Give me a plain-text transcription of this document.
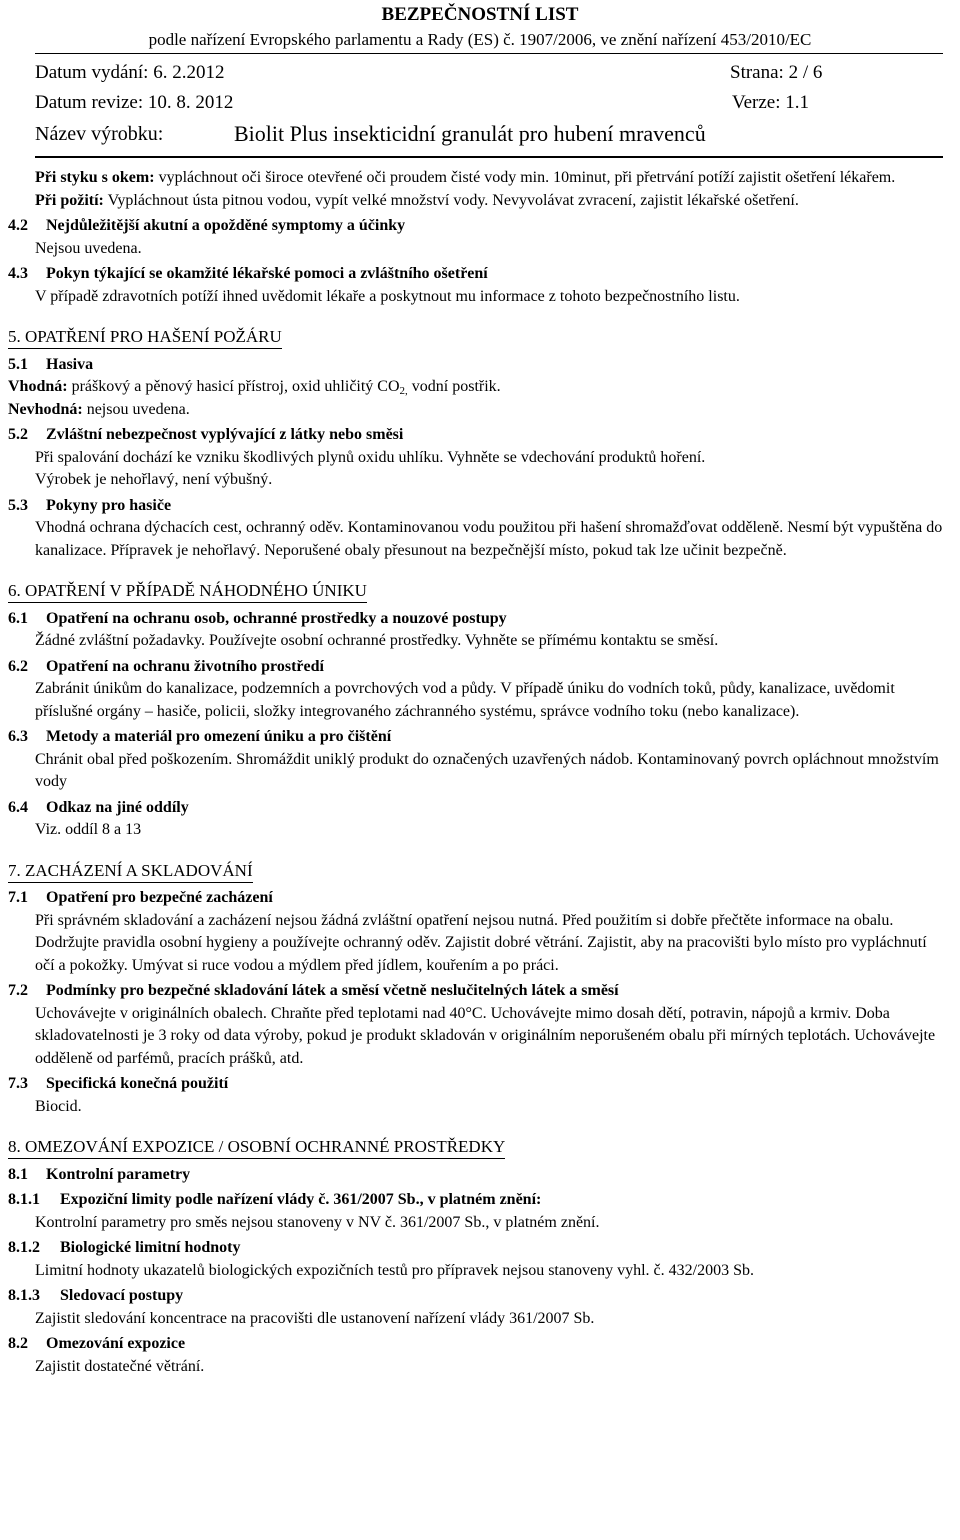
BEZPEČNOSTNÍ LIST
podle nařízení Evropského parlamentu a Rady (ES) č. 1907/2006, ve znění nařízení 453/2010/EC
Datum vydání: 6. 2.2012	Strana: 2 / 6
Datum revize: 10. 8. 2012	Verze: 1.1
Název výrobku:	Biolit Plus insekticidní granulát pro hubení mravenců

Při styku s okem: vypláchnout oči široce otevřené oči proudem čisté vody min. 10minut, při přetrvání potíží zajistit ošetření lékařem.

Při požití: Vypláchnout ústa pitnou vodou, vypít velké množství vody. Nevyvolávat zvracení, zajistit lékařské ošetření.

4.2 Nejdůležitější akutní a opožděné symptomy a účinky

Nejsou uvedena.

4.3 Pokyn týkající se okamžité lékařské pomoci a zvláštního ošetření

V případě zdravotních potíží ihned uvědomit lékaře a poskytnout mu informace z tohoto bezpečnostního listu.

5. OPATŘENÍ PRO HAŠENÍ POŽÁRU

5.1 Hasiva

Vhodná: práškový a pěnový hasicí přístroj, oxid uhličitý $CO_{2,}$ vodní postřik.

Nevhodná: nejsou uvedena.

5.2 Zvláštní nebezpečnost vyplývající z látky nebo směsi

Při spalování dochází ke vzniku škodlivých plynů oxidu uhlíku. Vyhněte se vdechování produktů hoření.

Výrobek je nehořlavý, není výbušný.

5.3 Pokyny pro hasiče

Vhodná ochrana dýchacích cest, ochranný oděv. Kontaminovanou vodu použitou při hašení shromažďovat odděleně. Nesmí být vypuštěna do kanalizace. Přípravek je nehořlavý. Neporušené obaly přesunout na bezpečnější místo, pokud tak lze učinit bezpečně.

6. OPATŘENÍ V PŘÍPADĚ NÁHODNÉHO ÚNIKU

6.1 Opatření na ochranu osob, ochranné prostředky a nouzové postupy

Žádné zvláštní požadavky. Používejte osobní ochranné prostředky. Vyhněte se přímému kontaktu se směsí.

6.2 Opatření na ochranu životního prostředí

Zabránit únikům do kanalizace, podzemních a povrchových vod a půdy. V případě úniku do vodních toků, půdy, kanalizace, uvědomit příslušné orgány – hasiče, policii, složky integrovaného záchranného systému, správce vodního toku (nebo kanalizace).

6.3 Metody a materiál pro omezení úniku a pro čištění

Chránit obal před poškozením. Shromáždit uniklý produkt do označených uzavřených nádob. Kontaminovaný povrch opláchnout množstvím vody

6.4 Odkaz na jiné oddíly

Viz. oddíl 8 a 13

7. ZACHÁZENÍ A SKLADOVÁNÍ

7.1 Opatření pro bezpečné zacházení

Při správném skladování a zacházení nejsou žádná zvláštní opatření nejsou nutná. Před použitím si dobře přečtěte informace na obalu. Dodržujte pravidla osobní hygieny a používejte ochranný oděv. Zajistit dobré větrání. Zajistit, aby na pracovišti bylo místo pro vypláchnutí očí a pokožky. Umývat si ruce vodou a mýdlem před jídlem, kouřením a po práci.

7.2 Podmínky pro bezpečné skladování látek a směsí včetně neslučitelných látek a směsí

Uchovávejte v originálních obalech. Chraňte před teplotami nad 40°C. Uchovávejte mimo dosah dětí, potravin, nápojů a krmiv. Doba skladovatelnosti je 3 roky od data výroby, pokud je produkt skladován v originálním neporušeném obalu při mírných teplotách. Uchovávejte odděleně od parfémů, pracích prášků, atd.

7.3 Specifická konečná použití

Biocid.

8. OMEZOVÁNÍ EXPOZICE / OSOBNÍ OCHRANNÉ PROSTŘEDKY

8.1 Kontrolní parametry

8.1.1 Expoziční limity podle nařízení vlády č. 361/2007 Sb., v platném znění:

Kontrolní parametry pro směs nejsou stanoveny v NV č. 361/2007 Sb., v platném znění.

8.1.2 Biologické limitní hodnoty

Limitní hodnoty ukazatelů biologických expozičních testů pro přípravek nejsou stanoveny vyhl. č. 432/2003 Sb.

8.1.3 Sledovací postupy

Zajistit sledování koncentrace na pracovišti dle ustanovení nařízení vlády 361/2007 Sb.

8.2 Omezování expozice

Zajistit dostatečné větrání.
